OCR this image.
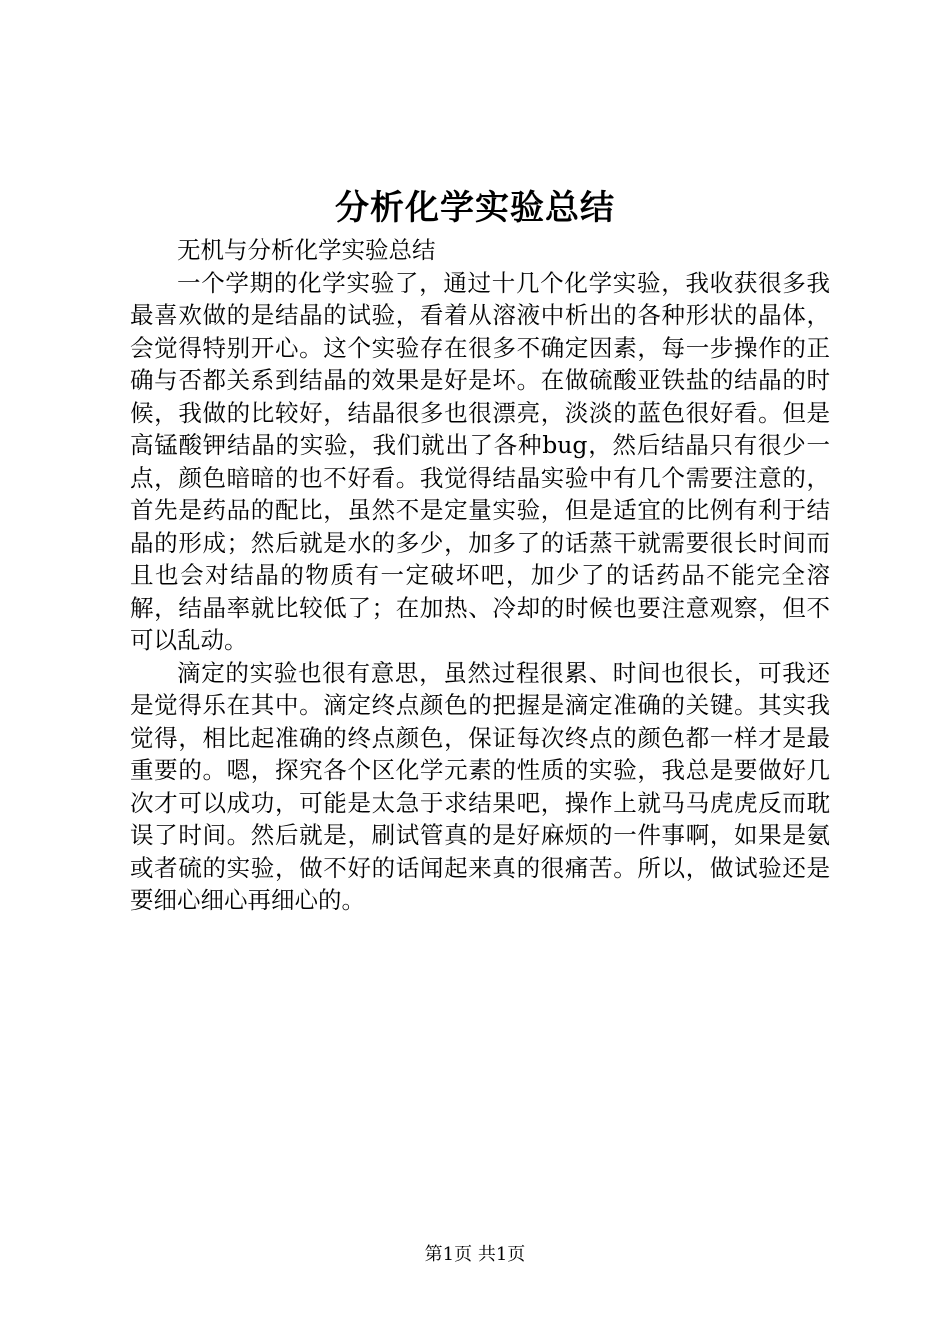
分析化学实验总结

无机与分析化学实验总结

一个学期的化学实验了，通过十几个化学实验，我收获很多我最喜欢做的是结晶的试验，看着从溶液中析出的各种形状的晶体，会觉得特别开心。这个实验存在很多不确定因素，每一步操作的正确与否都关系到结晶的效果是好是坏。在做硫酸亚铁盐的结晶的时候，我做的比较好，结晶很多也很漂亮，淡淡的蓝色很好看。但是高锰酸钾结晶的实验，我们就出了各种bug，然后结晶只有很少一点，颜色暗暗的也不好看。我觉得结晶实验中有几个需要注意的，首先是药品的配比，虽然不是定量实验，但是适宜的比例有利于结晶的形成；然后就是水的多少，加多了的话蒸干就需要很长时间而且也会对结晶的物质有一定破坏吧，加少了的话药品不能完全溶解，结晶率就比较低了；在加热、冷却的时候也要注意观察，但不可以乱动。

滴定的实验也很有意思，虽然过程很累、时间也很长，可我还是觉得乐在其中。滴定终点颜色的把握是滴定准确的关键。其实我觉得，相比起准确的终点颜色，保证每次终点的颜色都一样才是最重要的。嗯，探究各个区化学元素的性质的实验，我总是要做好几次才可以成功，可能是太急于求结果吧，操作上就马马虎虎反而耽误了时间。然后就是，刷试管真的是好麻烦的一件事啊，如果是氨或者硫的实验，做不好的话闻起来真的很痛苦。所以，做试验还是要细心细心再细心的。

第1页 共1页
